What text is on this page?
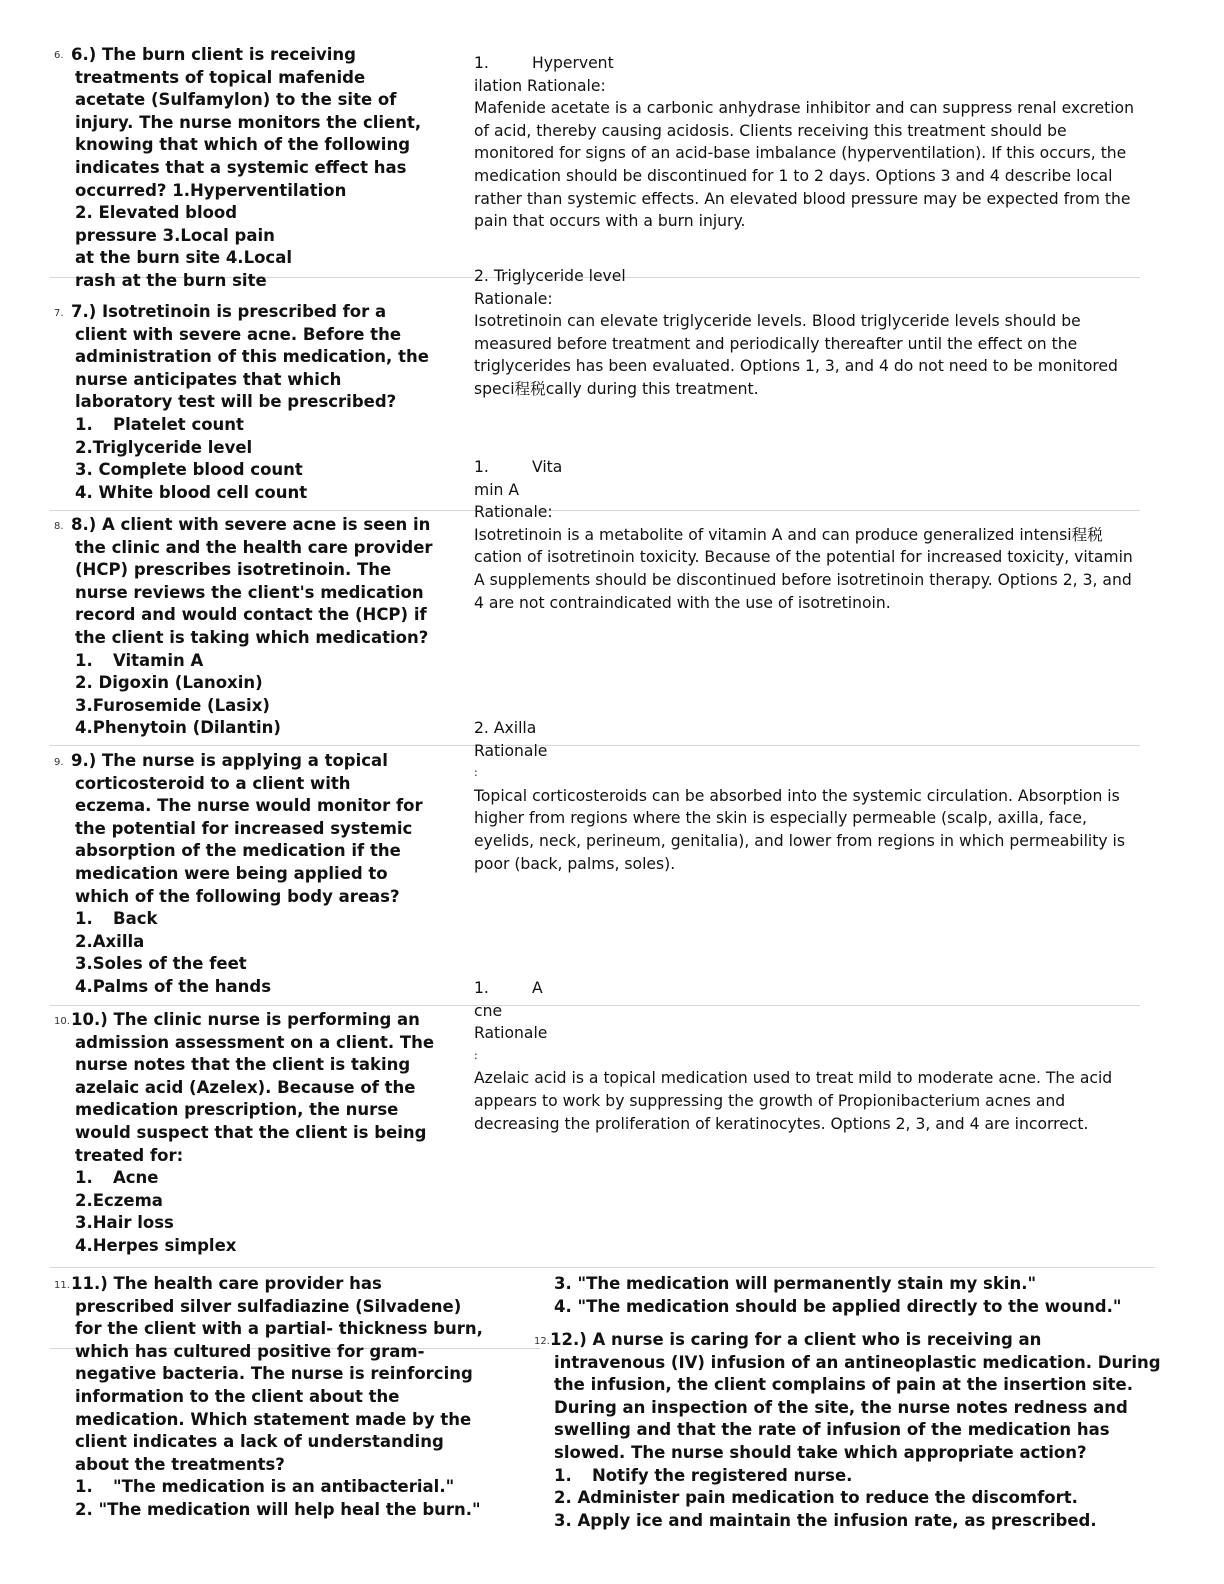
6. 6.) The burn client is receiving

treatments of topical mafenide

acetate (Sulfamylon) to the site of

injury. The nurse monitors the client,

knowing that which of the following

indicates that a systemic effect has

occurred? 1.Hyperventilation

2. Elevated blood

pressure 3.Local pain

at the burn site 4.Local

rash at the burn site

7. 7.) Isotretinoin is prescribed for a

client with severe acne. Before the

administration of this medication, the

nurse anticipates that which

laboratory test will be prescribed?

1. Platelet count

2.Triglyceride level

3. Complete blood count

4. White blood cell count

8. 8.) A client with severe acne is seen in

the clinic and the health care provider

(HCP) prescribes isotretinoin. The

nurse reviews the client's medication

record and would contact the (HCP) if

the client is taking which medication?

1. Vitamin A

2. Digoxin (Lanoxin)

3.Furosemide (Lasix)

4.Phenytoin (Dilantin)

9. 9.) The nurse is applying a topical

corticosteroid to a client with

eczema. The nurse would monitor for

the potential for increased systemic

absorption of the medication if the

medication were being applied to

which of the following body areas?

1. Back

2.Axilla

3.Soles of the feet

4.Palms of the hands

10. 10.) The clinic nurse is performing an

admission assessment on a client. The

nurse notes that the client is taking

azelaic acid (Azelex). Because of the

medication prescription, the nurse

would suspect that the client is being

treated for:

1. Acne

2.Eczema

3.Hair loss

4.Herpes simplex

11. 11.) The health care provider has

prescribed silver sulfadiazine (Silvadene)

for the client with a partial- thickness burn,

which has cultured positive for gram-

negative bacteria. The nurse is reinforcing

information to the client about the

medication. Which statement made by the

client indicates a lack of understanding

about the treatments?

1. "The medication is an antibacterial."

2. "The medication will help heal the burn."

1.	Hypervent

ilation Rationale:

Mafenide acetate is a carbonic anhydrase inhibitor and can suppress renal excretion of acid, thereby causing acidosis. Clients receiving this treatment should be monitored for signs of an acid-base imbalance (hyperventilation). If this occurs, the medication should be discontinued for 1 to 2 days. Options 3 and 4 describe local rather than systemic effects. An elevated blood pressure may be expected from the pain that occurs with a burn injury.

2. Triglyceride level

Rationale:

Isotretinoin can elevate triglyceride levels. Blood triglyceride levels should be measured before treatment and periodically thereafter until the effect on the triglycerides has been evaluated. Options 1, 3, and 4 do not need to be monitored speci程税cally during this treatment.

1.	Vita

min A

Rationale:

Isotretinoin is a metabolite of vitamin A and can produce generalized intensi程税cation of isotretinoin toxicity. Because of the potential for increased toxicity, vitamin A supplements should be discontinued before isotretinoin therapy. Options 2, 3, and 4 are not contraindicated with the use of isotretinoin.

2. Axilla

Rationale

:

Topical corticosteroids can be absorbed into the systemic circulation. Absorption is higher from regions where the skin is especially permeable (scalp, axilla, face, eyelids, neck, perineum, genitalia), and lower from regions in which permeability is poor (back, palms, soles).

1.	A

cne

Rationale

:

Azelaic acid is a topical medication used to treat mild to moderate acne. The acid appears to work by suppressing the growth of Propionibacterium acnes and decreasing the proliferation of keratinocytes. Options 2, 3, and 4 are incorrect.

3. "The medication will permanently stain my skin."

4. "The medication should be applied directly to the wound."

12. 12.) A nurse is caring for a client who is receiving an

intravenous (IV) infusion of an antineoplastic medication. During

the infusion, the client complains of pain at the insertion site.

During an inspection of the site, the nurse notes redness and

swelling and that the rate of infusion of the medication has

slowed. The nurse should take which appropriate action?

1. Notify the registered nurse.

2. Administer pain medication to reduce the discomfort.

3. Apply ice and maintain the infusion rate, as prescribed.
